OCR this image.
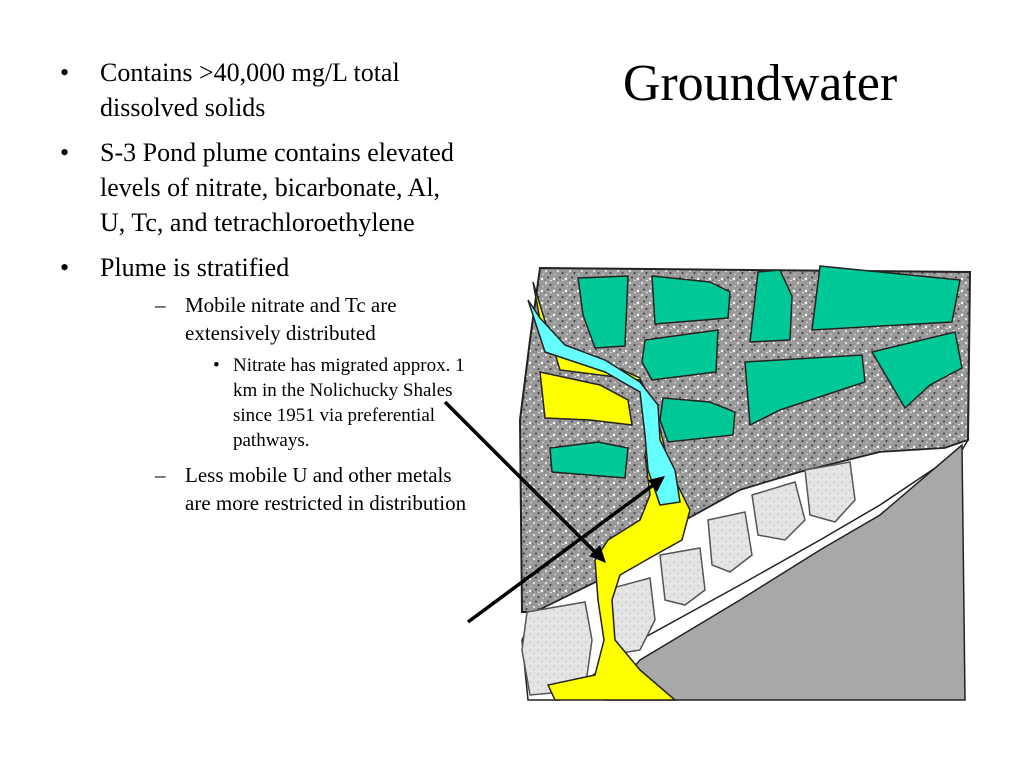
Groundwater
• Contains >40,000 mg/L total dissolved solids
• S-3 Pond plume contains elevated levels of nitrate, bicarbonate, Al, U, Tc, and tetrachloroethylene
• Plume is stratified
– Mobile nitrate and Tc are extensively distributed
• Nitrate has migrated approx. 1 km in the Nolichucky Shales since 1951 via preferential pathways.
– Less mobile U and other metals are more restricted in distribution
